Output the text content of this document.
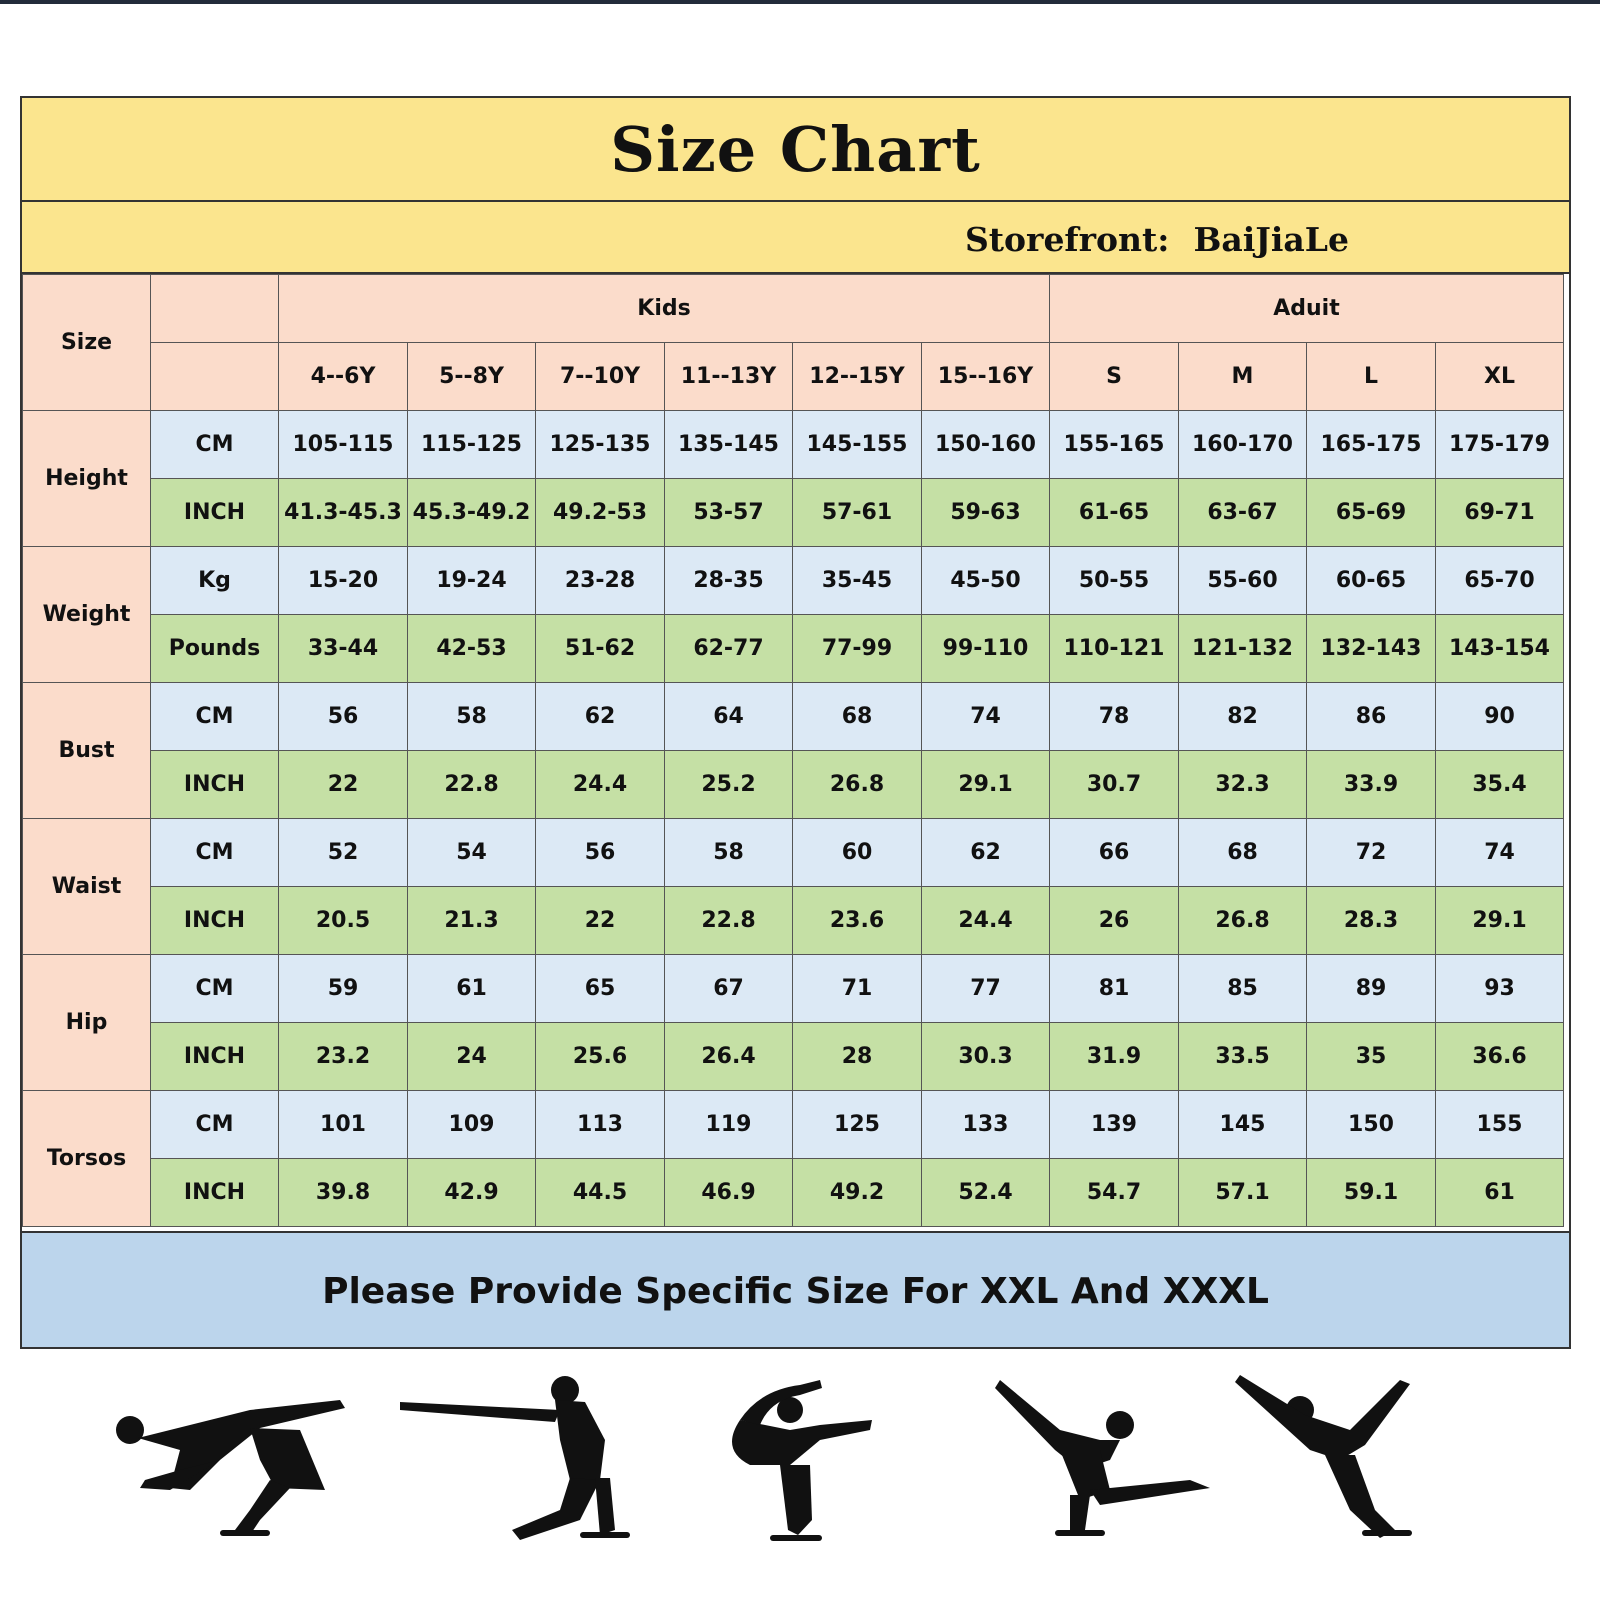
Size Chart
Storefront: BaiJiaLe
Size		Kids						Aduit			
		4--6Y	5--8Y	7--10Y	11--13Y	12--15Y	15--16Y	S	M	L	XL
Height	CM	105-115	115-125	125-135	135-145	145-155	150-160	155-165	160-170	165-175	175-179
	INCH	41.3-45.3	45.3-49.2	49.2-53	53-57	57-61	59-63	61-65	63-67	65-69	69-71
Weight	Kg	15-20	19-24	23-28	28-35	35-45	45-50	50-55	55-60	60-65	65-70
	Pounds	33-44	42-53	51-62	62-77	77-99	99-110	110-121	121-132	132-143	143-154
Bust	CM	56	58	62	64	68	74	78	82	86	90
	INCH	22	22.8	24.4	25.2	26.8	29.1	30.7	32.3	33.9	35.4
Waist	CM	52	54	56	58	60	62	66	68	72	74
	INCH	20.5	21.3	22	22.8	23.6	24.4	26	26.8	28.3	29.1
Hip	CM	59	61	65	67	71	77	81	85	89	93
	INCH	23.2	24	25.6	26.4	28	30.3	31.9	33.5	35	36.6
Torsos	CM	101	109	113	119	125	133	139	145	150	155
	INCH	39.8	42.9	44.5	46.9	49.2	52.4	54.7	57.1	59.1	61
Please Provide Specific Size For XXL And XXXL
